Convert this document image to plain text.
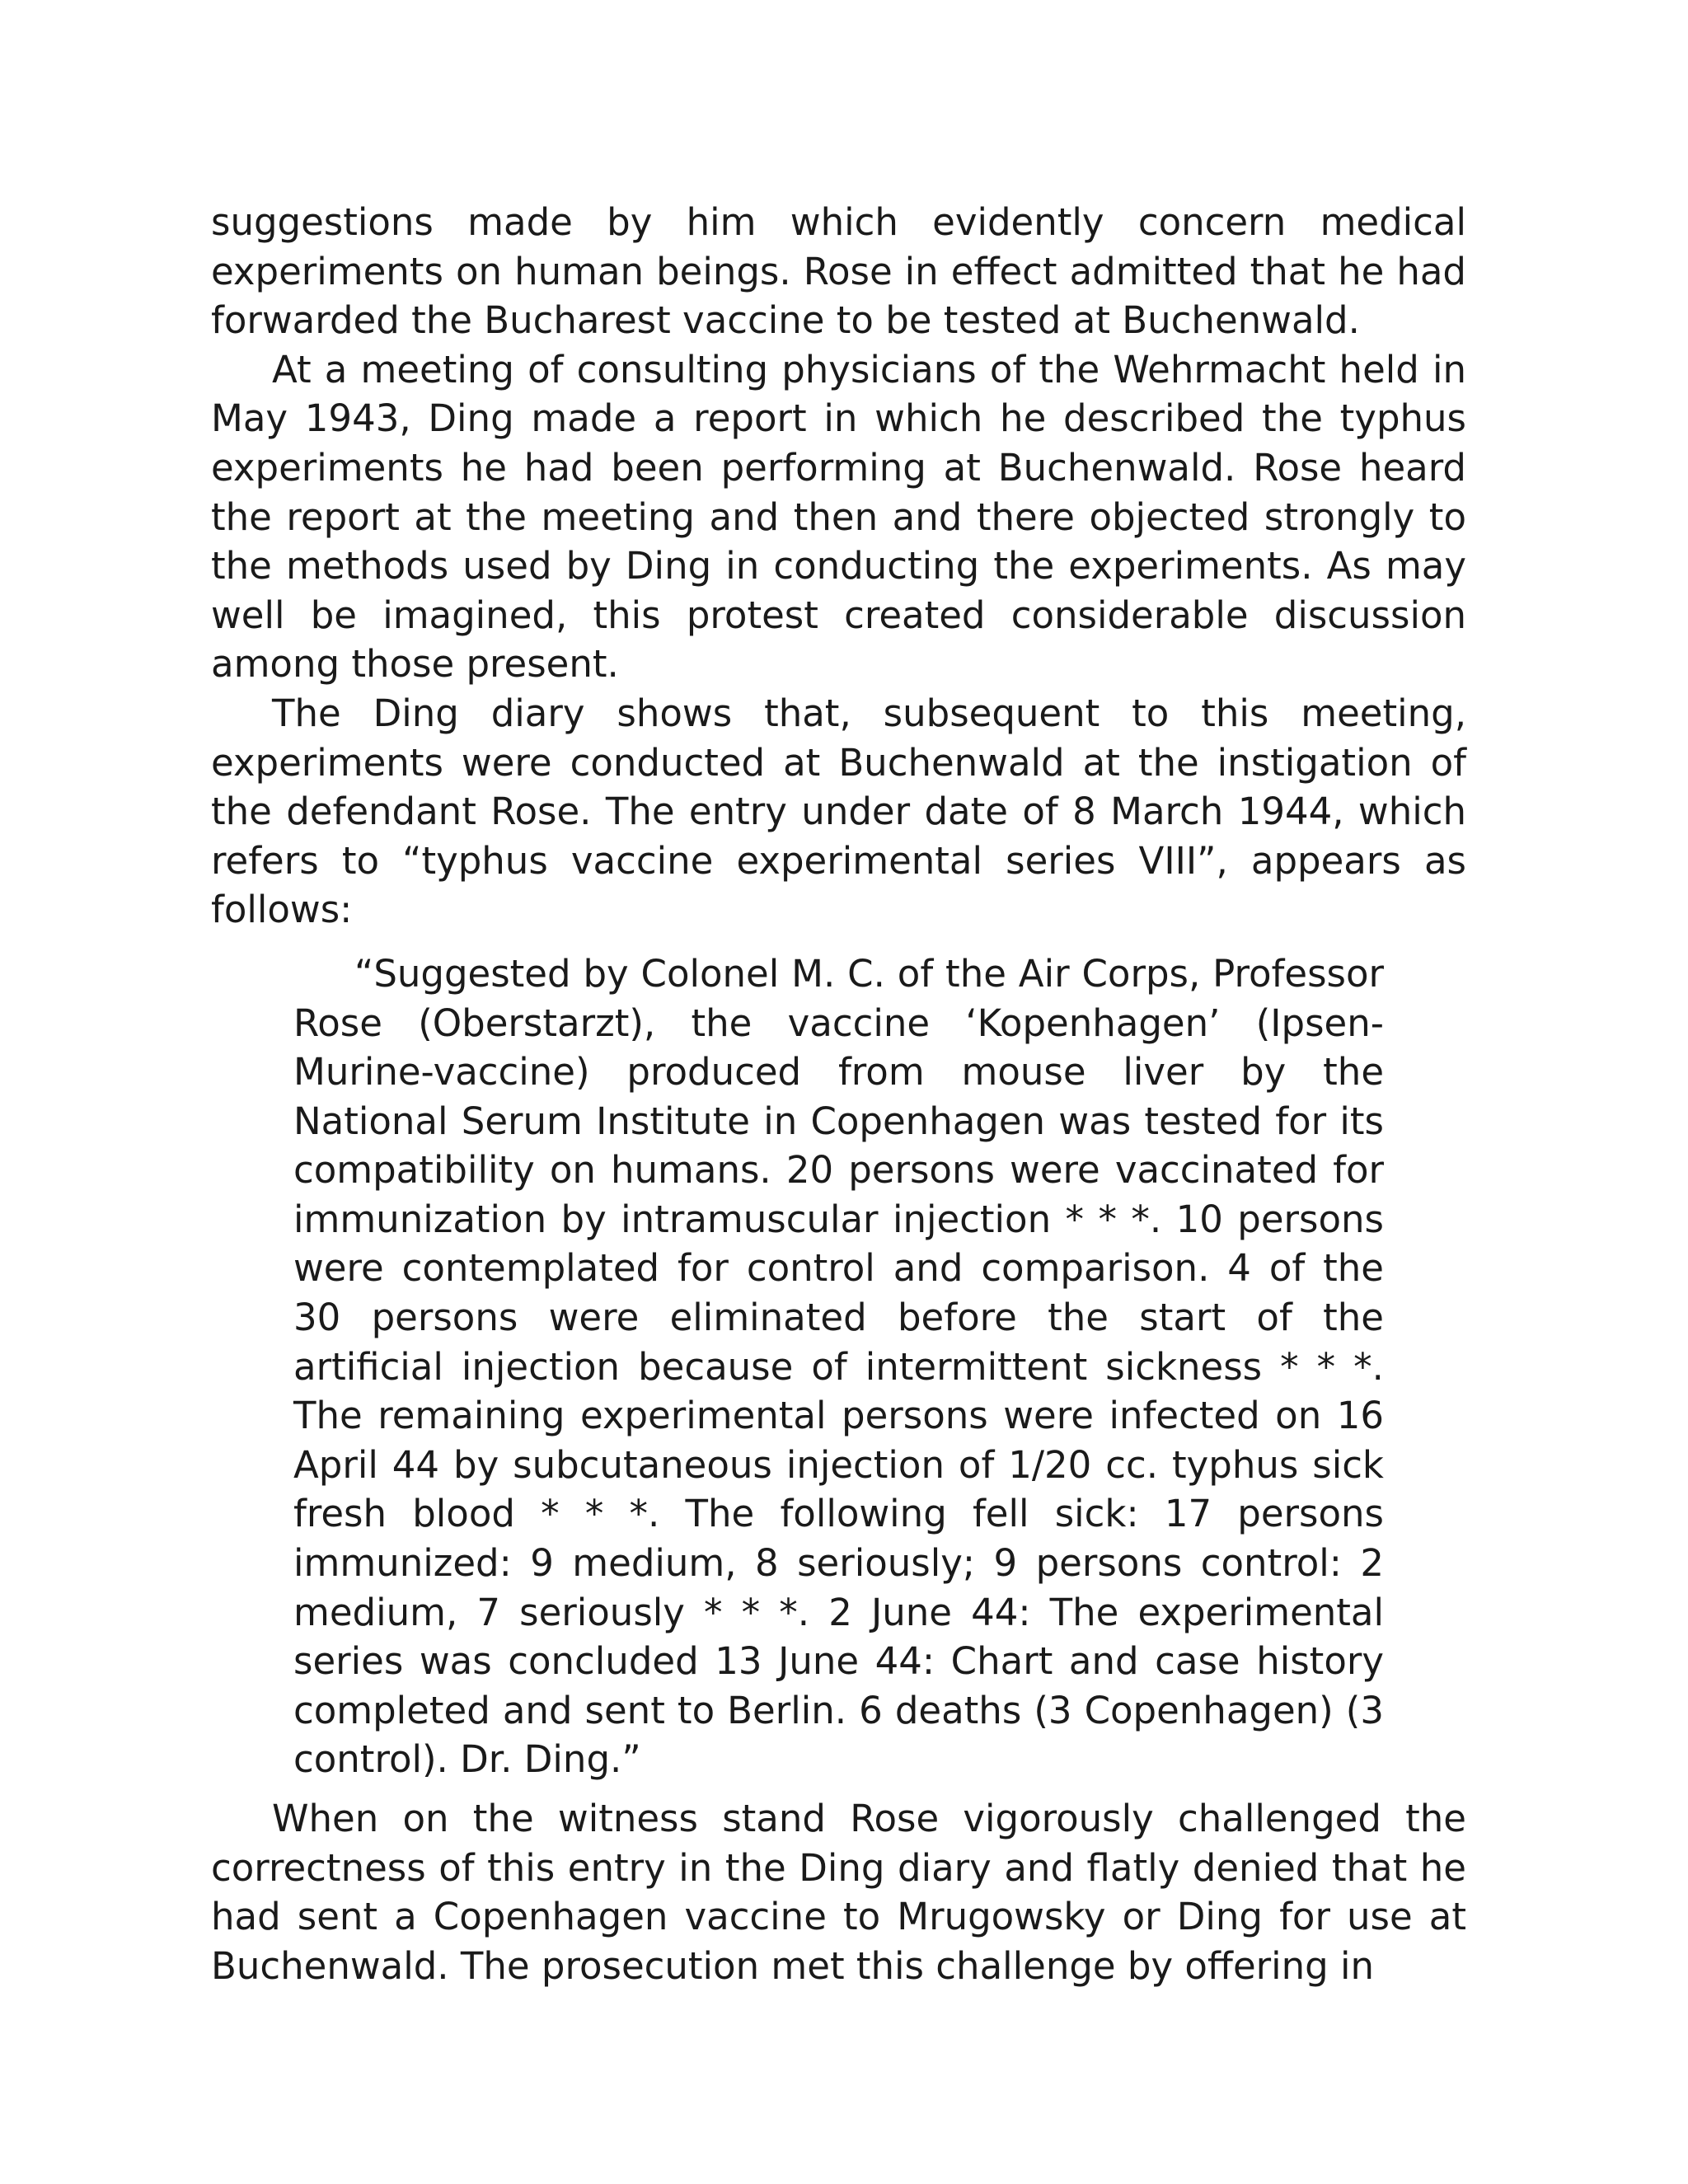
suggestions made by him which evidently concern medical experiments on human beings. Rose in effect admitted that he had forwarded the Bucharest vaccine to be tested at Buchenwald.

At a meeting of consulting physicians of the Wehrmacht held in May 1943, Ding made a report in which he described the typhus experiments he had been performing at Buchenwald. Rose heard the report at the meeting and then and there objected strongly to the methods used by Ding in conducting the experiments. As may well be imagined, this protest created considerable discussion among those present.

The Ding diary shows that, subsequent to this meeting, experiments were conducted at Buchenwald at the instigation of the defendant Rose. The entry under date of 8 March 1944, which refers to “typhus vaccine experimental series VIII”, appears as follows:

“Suggested by Colonel M. C. of the Air Corps, Professor Rose (Oberstarzt), the vaccine ‘Kopenhagen’ (Ipsen-Murine-vaccine) produced from mouse liver by the National Serum Institute in Copenhagen was tested for its compatibility on humans. 20 persons were vaccinated for immunization by intramuscular injection * * *. 10 persons were contemplated for control and comparison. 4 of the 30 persons were eliminated before the start of the artificial injection because of intermittent sickness * * *. The remaining experimental persons were infected on 16 April 44 by subcutaneous injection of 1/20 cc. typhus sick fresh blood * * *. The following fell sick: 17 persons immunized: 9 medium, 8 seriously; 9 persons control: 2 medium, 7 seriously * * *. 2 June 44: The experimental series was concluded 13 June 44: Chart and case history completed and sent to Berlin. 6 deaths (3 Copenhagen) (3 control). Dr. Ding.”

When on the witness stand Rose vigorously challenged the correctness of this entry in the Ding diary and flatly denied that he had sent a Copenhagen vaccine to Mrugowsky or Ding for use at Buchenwald. The prosecution met this challenge by offering in
